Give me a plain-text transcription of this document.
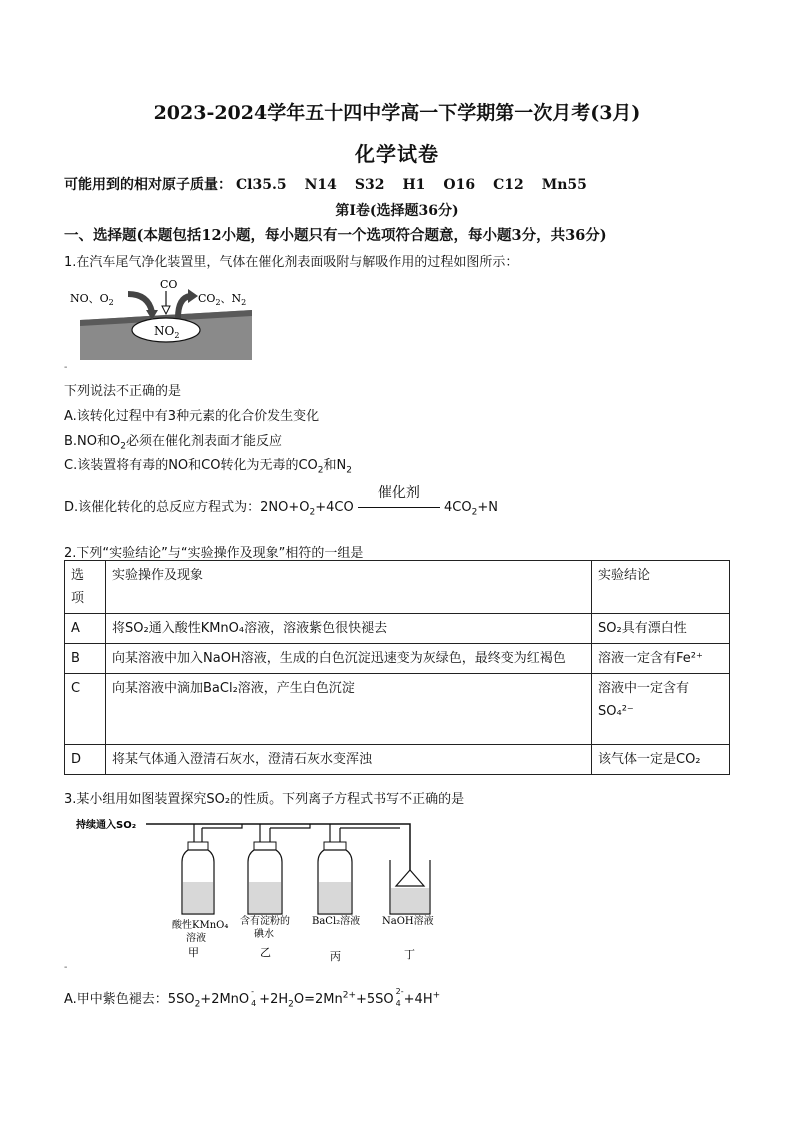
2023-2024学年五十四中学高一下学期第一次月考(3月)
化学试卷
可能用到的相对原子质量： Cl35.5 N14 S32 H1 O16 C12 Mn55
第Ⅰ卷(选择题36分)
一、选择题(本题包括12小题，每小题只有一个选项符合题意，每小题3分，共36分)
1.在汽车尾气净化装置里，气体在催化剂表面吸附与解吸作用的过程如图所示：
$NO_2$
NO、$O_2$
CO
$CO_2$、$N_2$
-
下列说法不正确的是
A.该转化过程中有3种元素的化合价发生变化
B.NO和$O_2$必须在催化剂表面才能反应
C.该装置将有毒的NO和CO转化为无毒的$CO_2$和$N_2$
D.该催化转化的总反应方程式为：$2NO+O_2+4CO$
催化剂
$4CO_2+N$
2.下列“实验结论”与“实验操作及现象”相符的一组是
选项	实验操作及现象	实验结论
A	将SO₂通入酸性KMnO₄溶液，溶液紫色很快褪去	SO₂具有漂白性
B	向某溶液中加入NaOH溶液，生成的白色沉淀迅速变为灰绿色，最终变为红褐色	溶液一定含有Fe²⁺
C	向某溶液中滴加BaCl₂溶液，产生白色沉淀	溶液中一定含有SO₄²⁻
D	将某气体通入澄清石灰水，澄清石灰水变浑浊	该气体一定是CO₂
3.某小组用如图装置探究SO₂的性质。下列离子方程式书写不正确的是
持续通入SO₂
酸性KMnO₄
溶液
甲
含有淀粉的
碘水
乙
BaCl₂溶液
丙
NaOH溶液
丁
-
A.甲中紫色褪去：$5SO_2+2MnO$
-
$4 +2H_2O=2Mn^{2+}+5SO$
2-
4 +4H+
